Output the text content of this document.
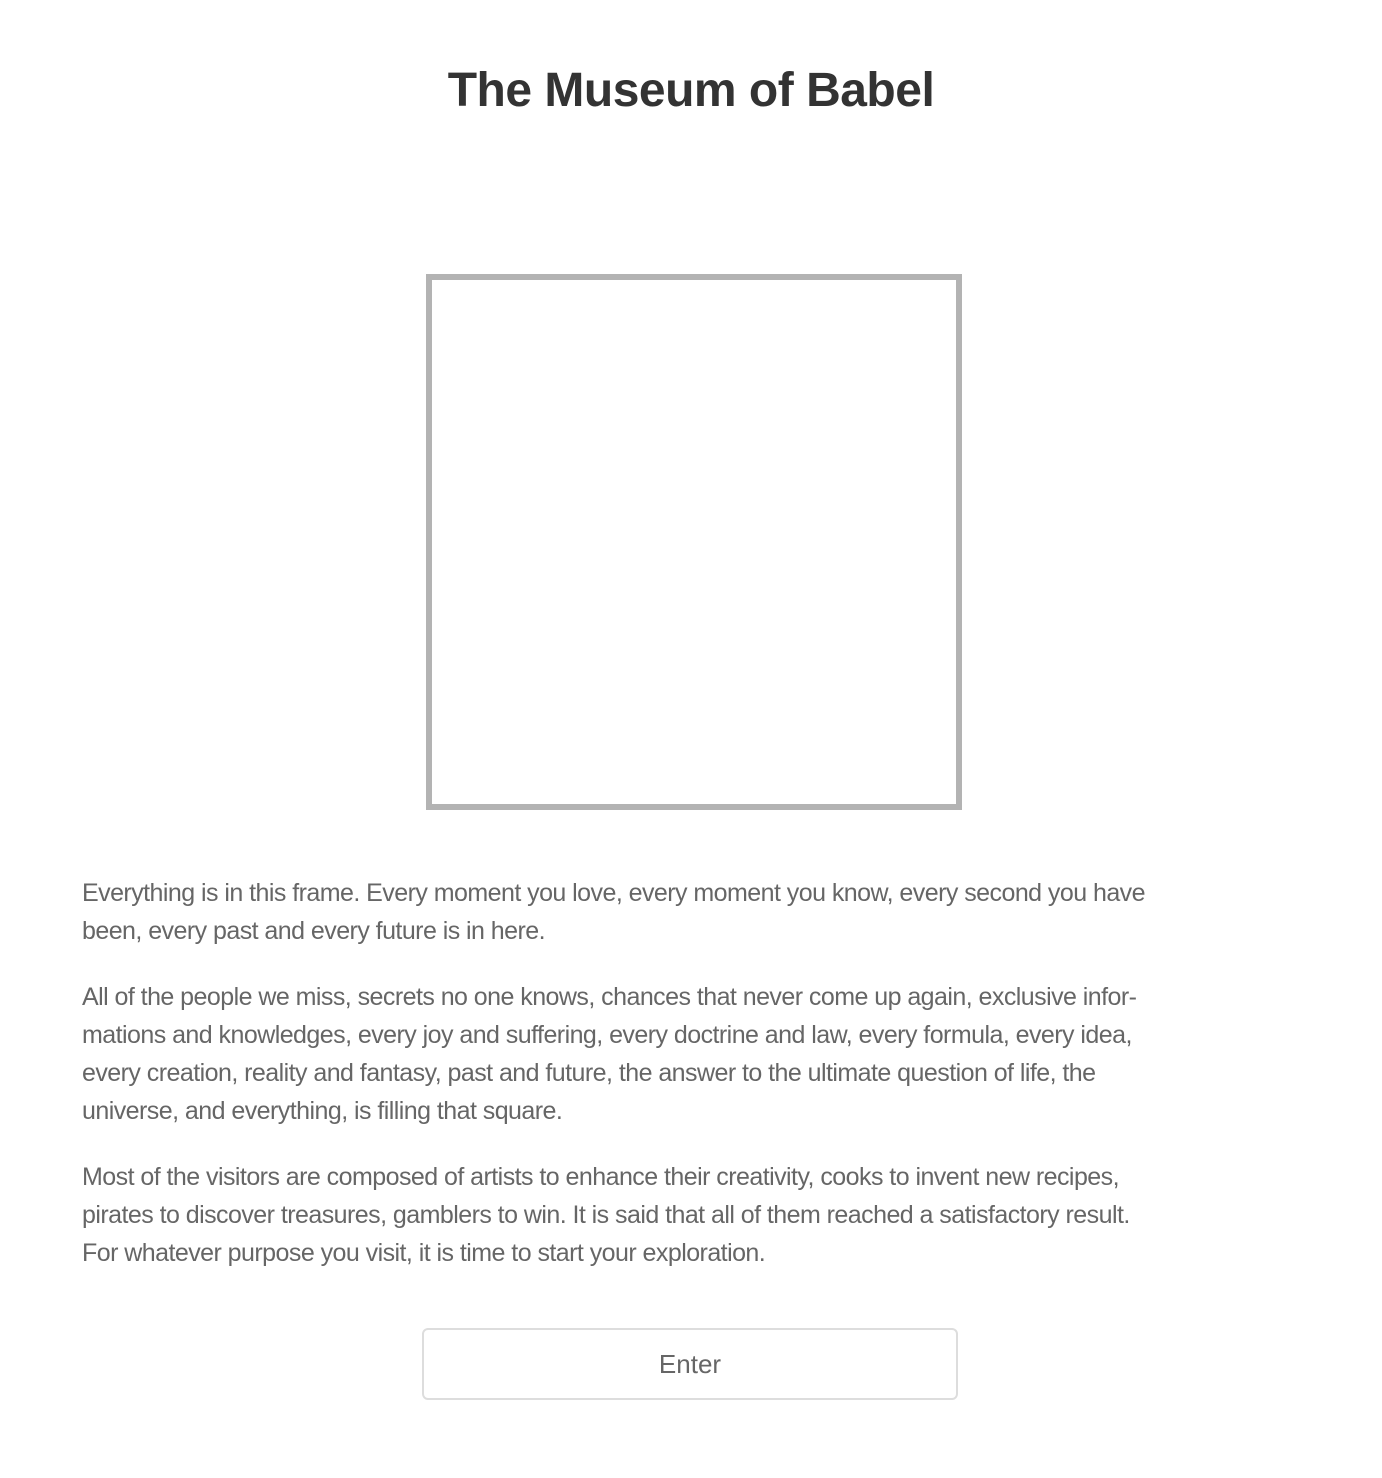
The Museum of Babel

Everything is in this frame. Every moment you love, every moment you know, every second you have
been, every past and every future is in here.

All of the people we miss, secrets no one knows, chances that never come up again, exclusive infor-
mations and knowledges, every joy and suffering, every doctrine and law, every formula, every idea,
every creation, reality and fantasy, past and future, the answer to the ultimate question of life, the
universe, and everything, is filling that square.

Most of the visitors are composed of artists to enhance their creativity, cooks to invent new recipes,
pirates to discover treasures, gamblers to win. It is said that all of them reached a satisfactory result.
For whatever purpose you visit, it is time to start your exploration.

Enter
